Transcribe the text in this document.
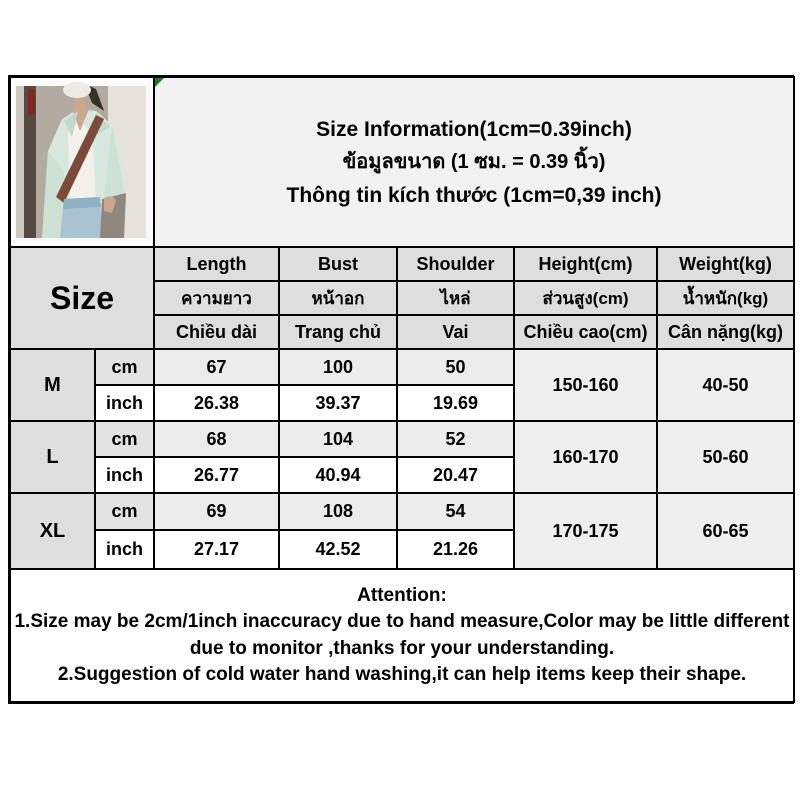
Size Information(1cm=0.39inch)
ข้อมูลขนาด (1 ซม. = 0.39 นิ้ว)
Thông tin kích thước (1cm=0,39 inch)				

Size		Length	Bust	Shoulder	Height(cm)	Weight(kg)
		ความยาว	หน้าอก	ไหล่	ส่วนสูง(cm)	น้ำหนัก(kg)
		Chiều dài	Trang chủ	Vai	Chiều cao(cm)	Cân nặng(kg)
M	cm	67	100	50	150-160	40-50
	inch	26.38	39.37	19.69		
L	cm	68	104	52	160-170	50-60
	inch	26.77	40.94	20.47		
XL	cm	69	108	54	170-175	60-65
	inch	27.17	42.52	21.26		

Attention:
1.Size may be 2cm/1inch inaccuracy due to hand measure,Color may be little different due to monitor ,thanks for your understanding.
2.Suggestion of cold water hand washing,it can help items keep their shape.						
